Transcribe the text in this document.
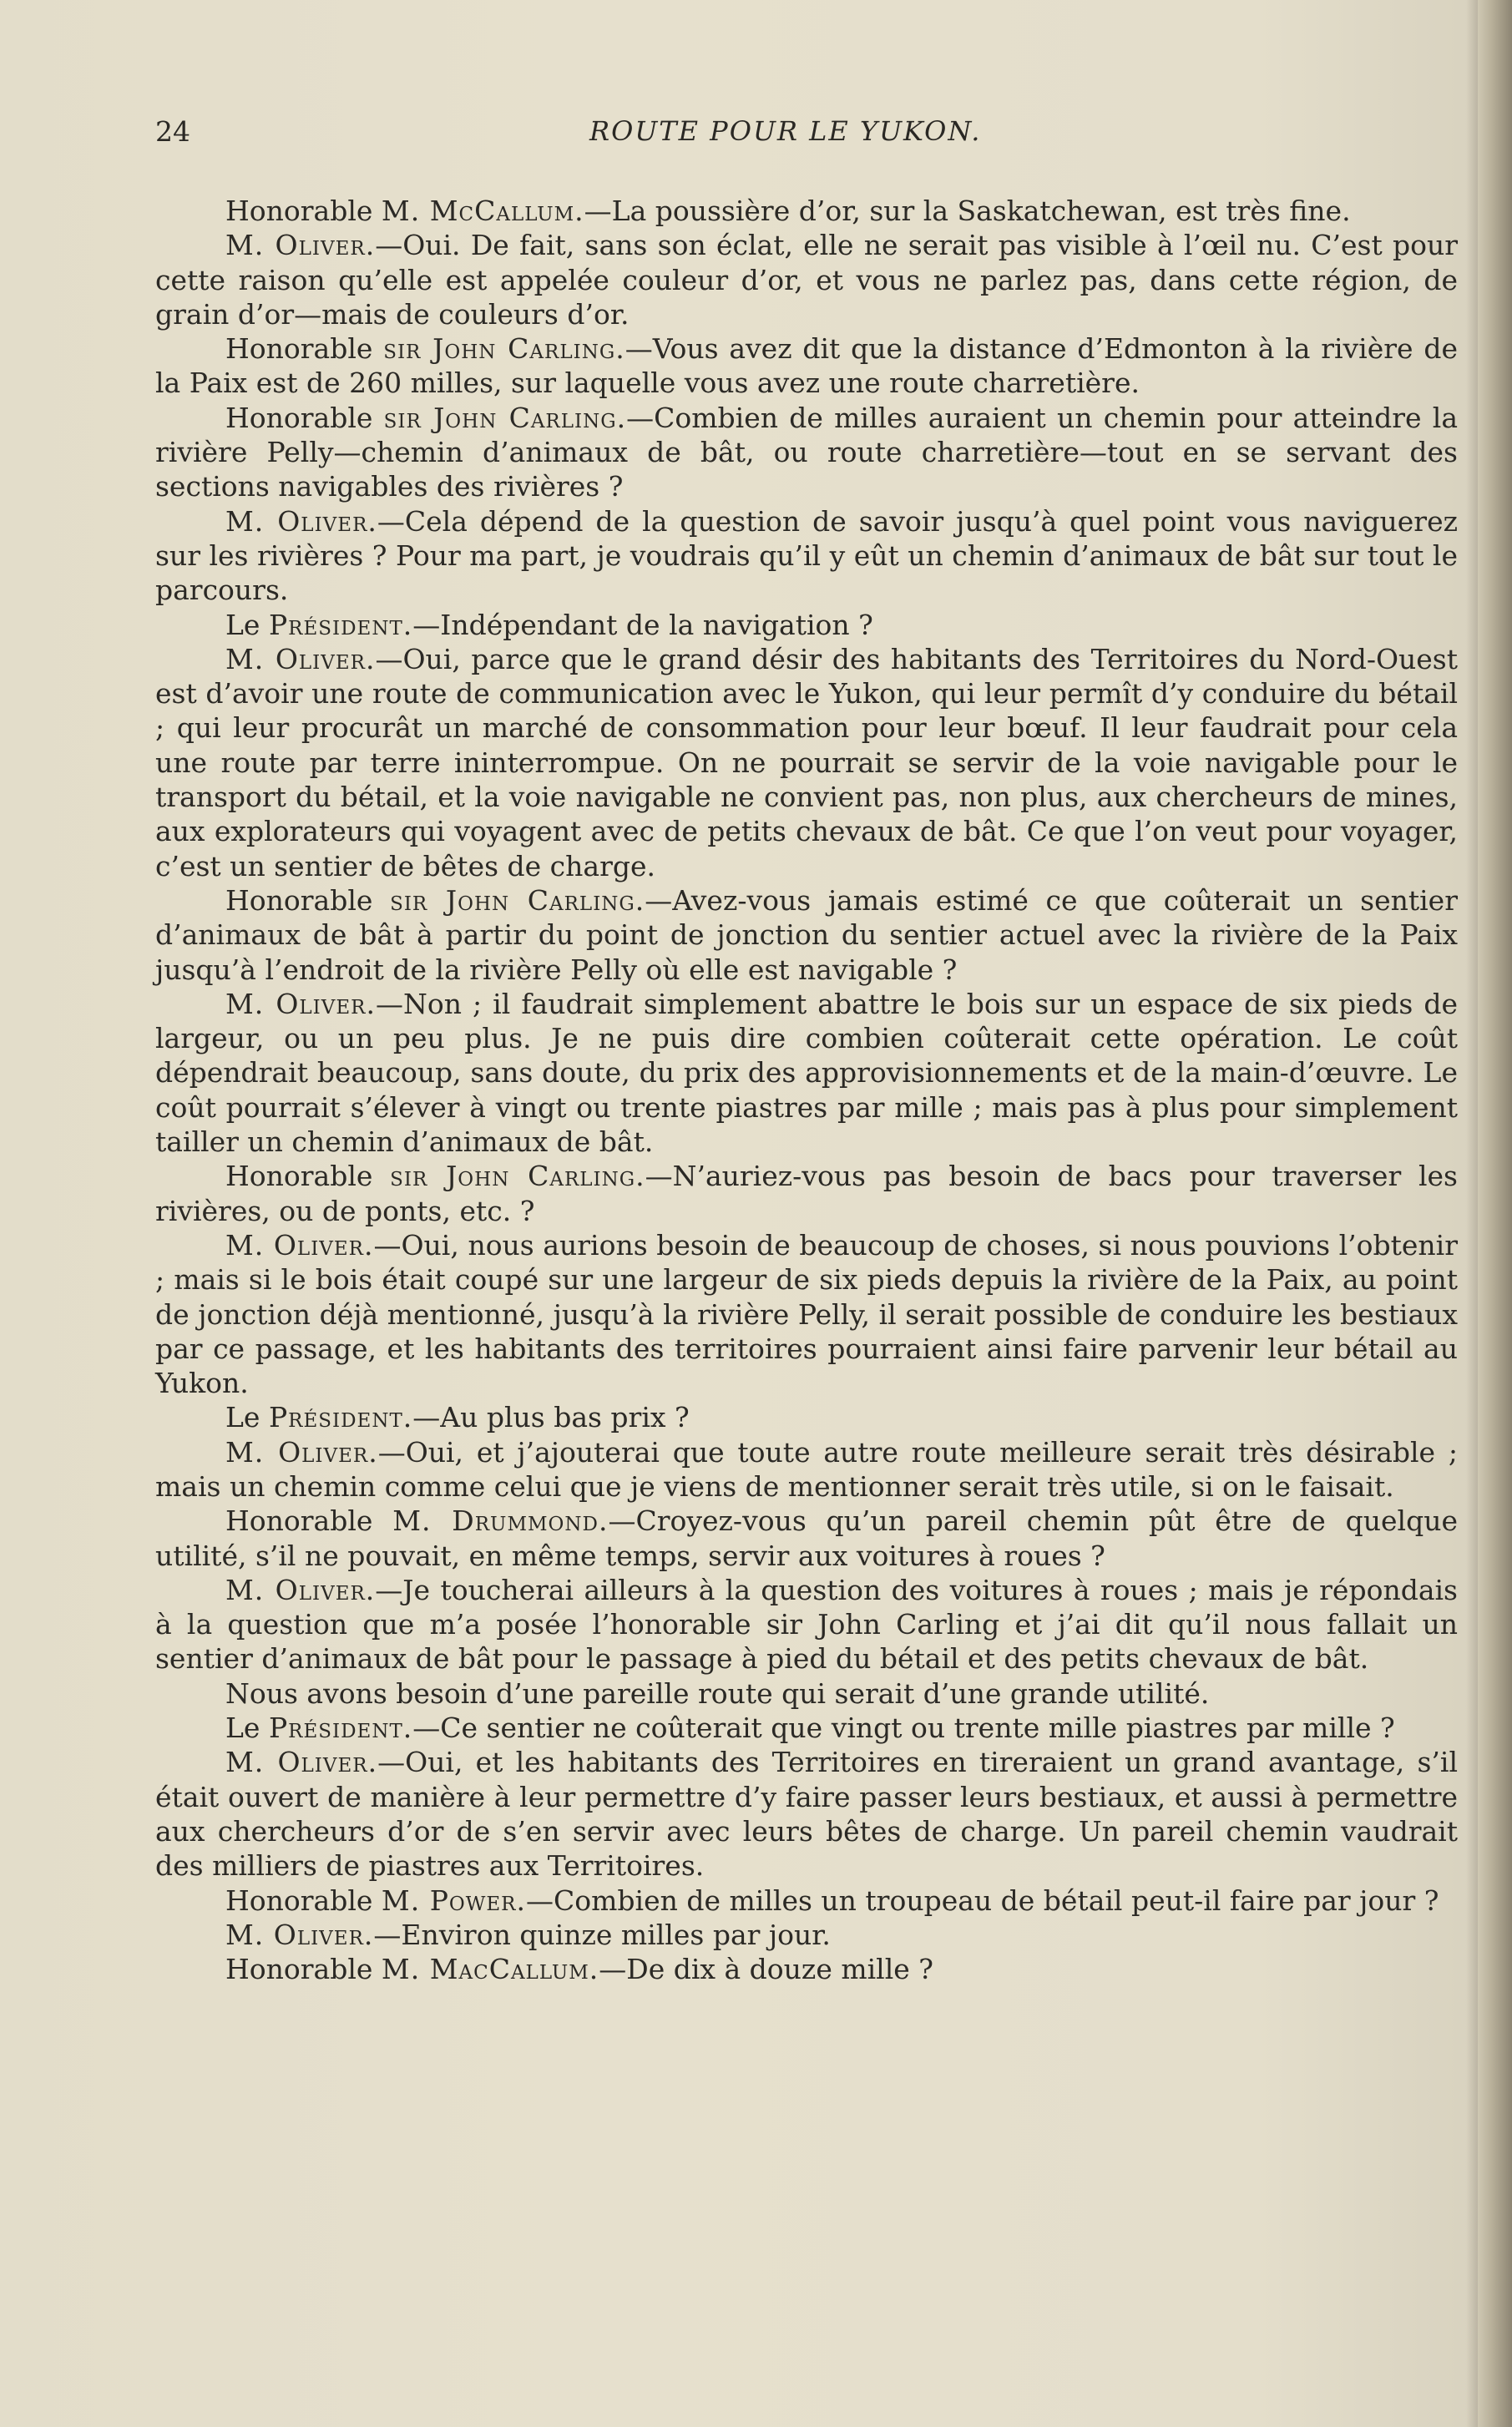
24	ROUTE POUR LE YUKON.

Honorable M. McCallum.—La poussière d’or, sur la Saskatchewan, est très fine.

M. Oliver.—Oui. De fait, sans son éclat, elle ne serait pas visible à l’œil nu. C’est pour cette raison qu’elle est appelée couleur d’or, et vous ne parlez pas, dans cette région, de grain d’or—mais de couleurs d’or.

Honorable sir John Carling.—Vous avez dit que la distance d’Edmonton à la rivière de la Paix est de 260 milles, sur laquelle vous avez une route charretière.

Honorable sir John Carling.—Combien de milles auraient un chemin pour atteindre la rivière Pelly—chemin d’animaux de bât, ou route charretière—tout en se servant des sections navigables des rivières ?

M. Oliver.—Cela dépend de la question de savoir jusqu’à quel point vous naviguerez sur les rivières ? Pour ma part, je voudrais qu’il y eût un chemin d’animaux de bât sur tout le parcours.

Le Président.—Indépendant de la navigation ?

M. Oliver.—Oui, parce que le grand désir des habitants des Territoires du Nord-Ouest est d’avoir une route de communication avec le Yukon, qui leur permît d’y conduire du bétail ; qui leur procurât un marché de consommation pour leur bœuf. Il leur faudrait pour cela une route par terre ininterrompue. On ne pourrait se servir de la voie navigable pour le transport du bétail, et la voie navigable ne convient pas, non plus, aux chercheurs de mines, aux explorateurs qui voyagent avec de petits chevaux de bât. Ce que l’on veut pour voyager, c’est un sentier de bêtes de charge.

Honorable sir John Carling.—Avez-vous jamais estimé ce que coûterait un sentier d’animaux de bât à partir du point de jonction du sentier actuel avec la rivière de la Paix jusqu’à l’endroit de la rivière Pelly où elle est navigable ?

M. Oliver.—Non ; il faudrait simplement abattre le bois sur un espace de six pieds de largeur, ou un peu plus. Je ne puis dire combien coûterait cette opération. Le coût dépendrait beaucoup, sans doute, du prix des approvisionnements et de la main-d’œuvre. Le coût pourrait s’élever à vingt ou trente piastres par mille ; mais pas à plus pour simplement tailler un chemin d’animaux de bât.

Honorable sir John Carling.—N’auriez-vous pas besoin de bacs pour traverser les rivières, ou de ponts, etc. ?

M. Oliver.—Oui, nous aurions besoin de beaucoup de choses, si nous pouvions l’obtenir ; mais si le bois était coupé sur une largeur de six pieds depuis la rivière de la Paix, au point de jonction déjà mentionné, jusqu’à la rivière Pelly, il serait possible de conduire les bestiaux par ce passage, et les habitants des territoires pourraient ainsi faire parvenir leur bétail au Yukon.

Le Président.—Au plus bas prix ?

M. Oliver.—Oui, et j’ajouterai que toute autre route meilleure serait très désirable ; mais un chemin comme celui que je viens de mentionner serait très utile, si on le faisait.

Honorable M. Drummond.—Croyez-vous qu’un pareil chemin pût être de quelque utilité, s’il ne pouvait, en même temps, servir aux voitures à roues ?

M. Oliver.—Je toucherai ailleurs à la question des voitures à roues ; mais je répondais à la question que m’a posée l’honorable sir John Carling et j’ai dit qu’il nous fallait un sentier d’animaux de bât pour le passage à pied du bétail et des petits chevaux de bât.

Nous avons besoin d’une pareille route qui serait d’une grande utilité.

Le Président.—Ce sentier ne coûterait que vingt ou trente mille piastres par mille ?

M. Oliver.—Oui, et les habitants des Territoires en tireraient un grand avantage, s’il était ouvert de manière à leur permettre d’y faire passer leurs bestiaux, et aussi à permettre aux chercheurs d’or de s’en servir avec leurs bêtes de charge. Un pareil chemin vaudrait des milliers de piastres aux Territoires.

Honorable M. Power.—Combien de milles un troupeau de bétail peut-il faire par jour ?

M. Oliver.—Environ quinze milles par jour.

Honorable M. MacCallum.—De dix à douze mille ?
